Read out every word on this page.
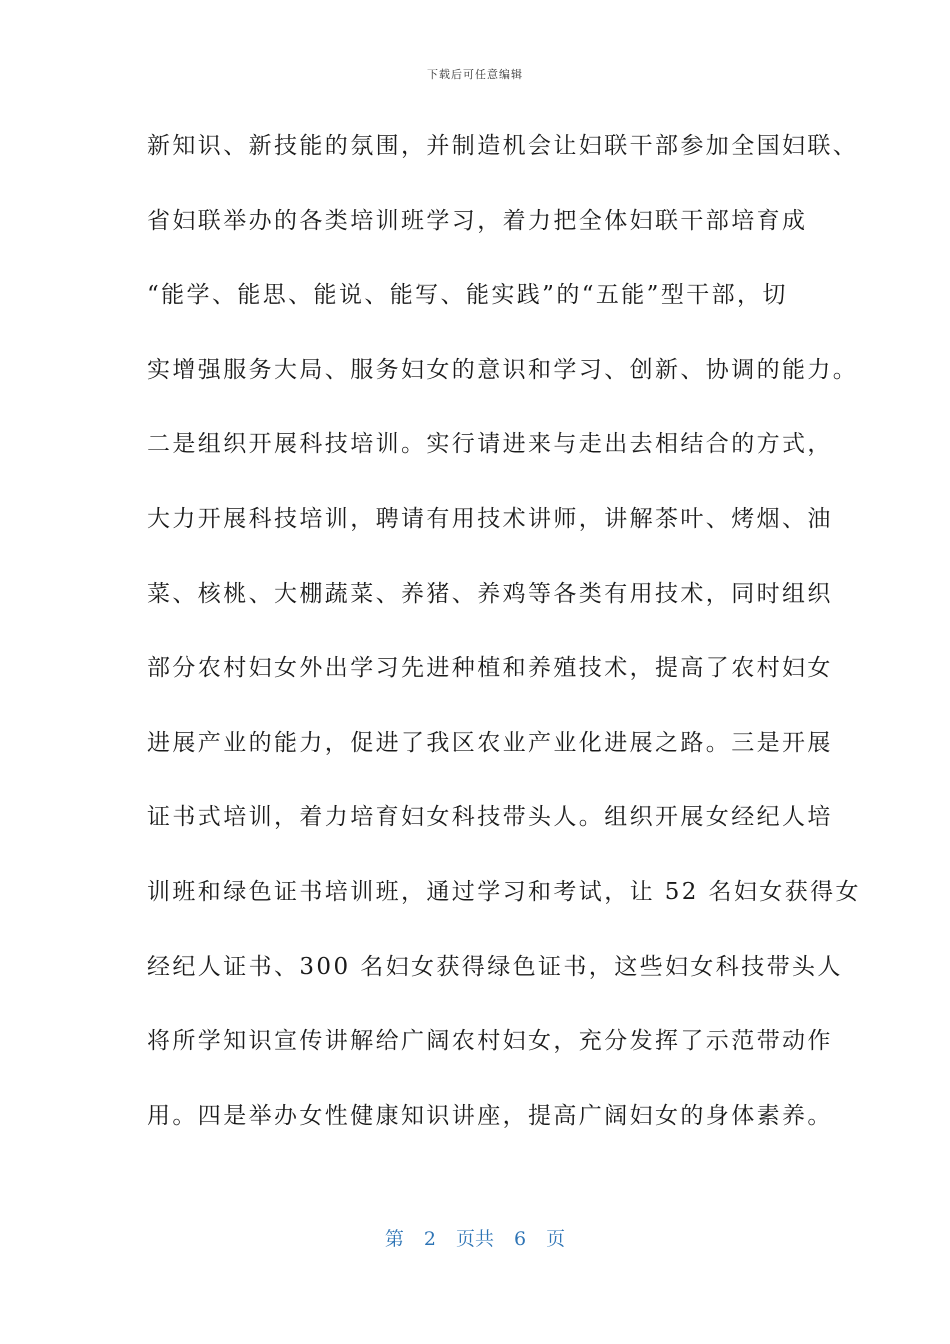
下载后可任意编辑
新知识、新技能的氛围，并制造机会让妇联干部参加全国妇联、
省妇联举办的各类培训班学习，着力把全体妇联干部培育成
“能学、能思、能说、能写、能实践”的“五能”型干部，切
实增强服务大局、服务妇女的意识和学习、创新、协调的能力。
二是组织开展科技培训。实行请进来与走出去相结合的方式，
大力开展科技培训，聘请有用技术讲师，讲解茶叶、烤烟、油
菜、核桃、大棚蔬菜、养猪、养鸡等各类有用技术，同时组织
部分农村妇女外出学习先进种植和养殖技术，提高了农村妇女
进展产业的能力，促进了我区农业产业化进展之路。三是开展
证书式培训，着力培育妇女科技带头人。组织开展女经纪人培
训班和绿色证书培训班，通过学习和考试，让 52 名妇女获得女
经纪人证书、300 名妇女获得绿色证书，这些妇女科技带头人
将所学知识宣传讲解给广阔农村妇女，充分发挥了示范带动作
用。四是举办女性健康知识讲座，提高广阔妇女的身体素养。
第 2 页共 6 页
